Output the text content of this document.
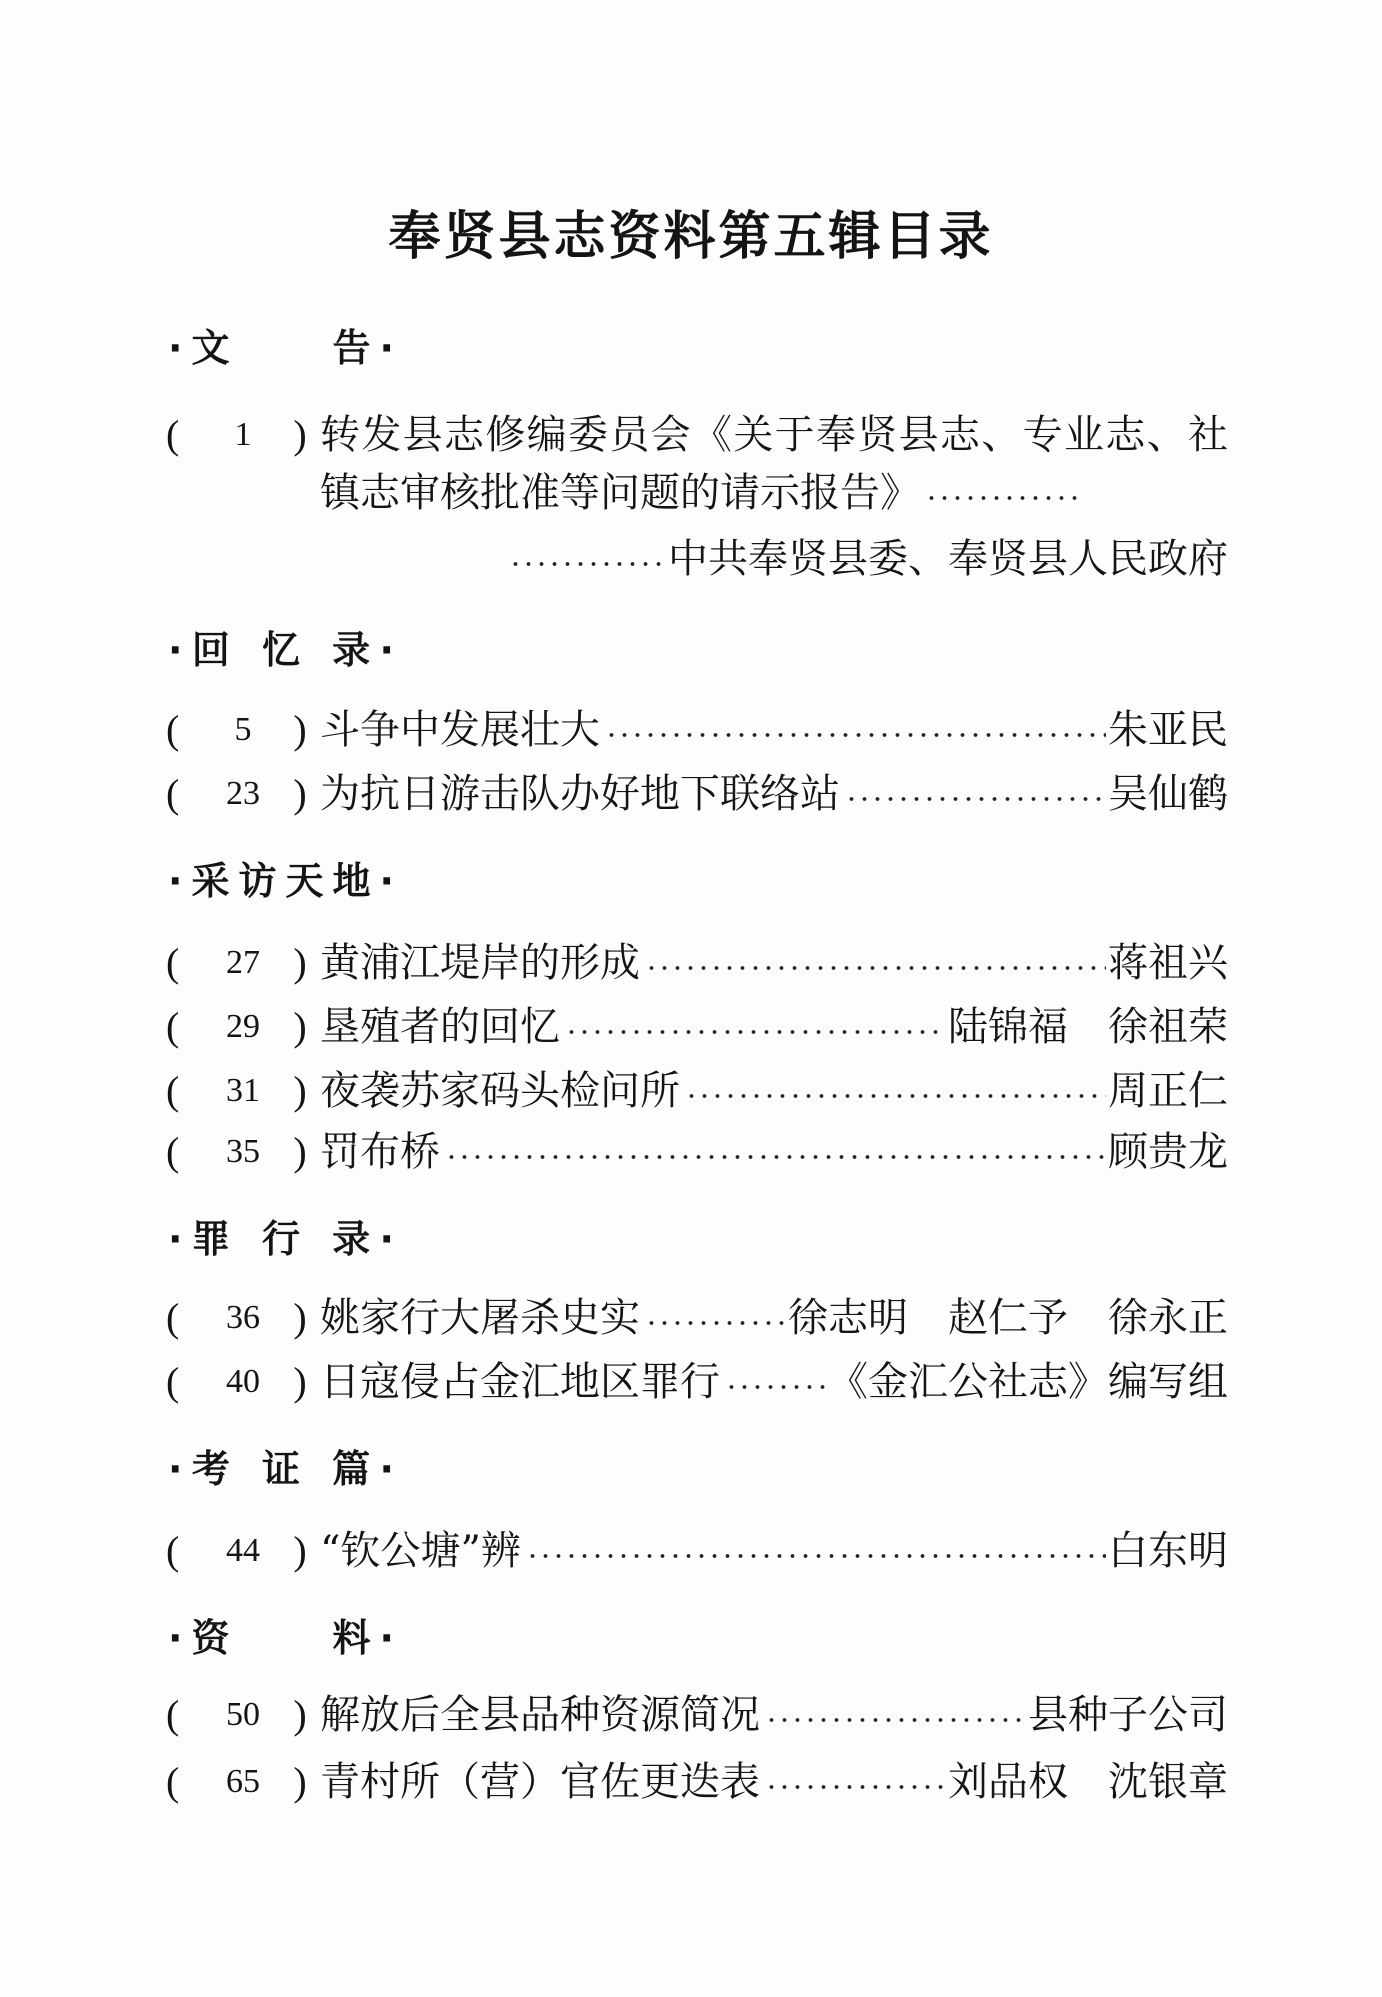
奉贤县志资料第五辑目录
·文　　告·
(	1	) 转发县志修编委员会《关于奉贤县志、专业志、社
镇志审核批准等问题的请示报告》
中共奉贤县委、奉贤县人民政府
·回 忆 录·
(	5	) 斗争中发展壮大	朱亚民
(	23 ) 为抗日游击队办好地下联络站	吴仙鹤
·采访天地·
(	27 ) 黄浦江堤岸的形成	蒋祖兴
(	29 ) 垦殖者的回忆	陆锦福　徐祖荣
(	31 ) 夜袭苏家码头检问所	周正仁
(	35 ) 罚布桥	顾贵龙
·罪 行 录·
(	36 ) 姚家行大屠杀史实	徐志明　赵仁予　徐永正
(	40 ) 日寇侵占金汇地区罪行	《金汇公社志》编写组
·考 证 篇·
(	44 ) “钦公塘”辨	白东明
·资　　料·
(	50 ) 解放后全县品种资源简况	县种子公司
(	65 ) 青村所（营）官佐更迭表	刘品权　沈银章
